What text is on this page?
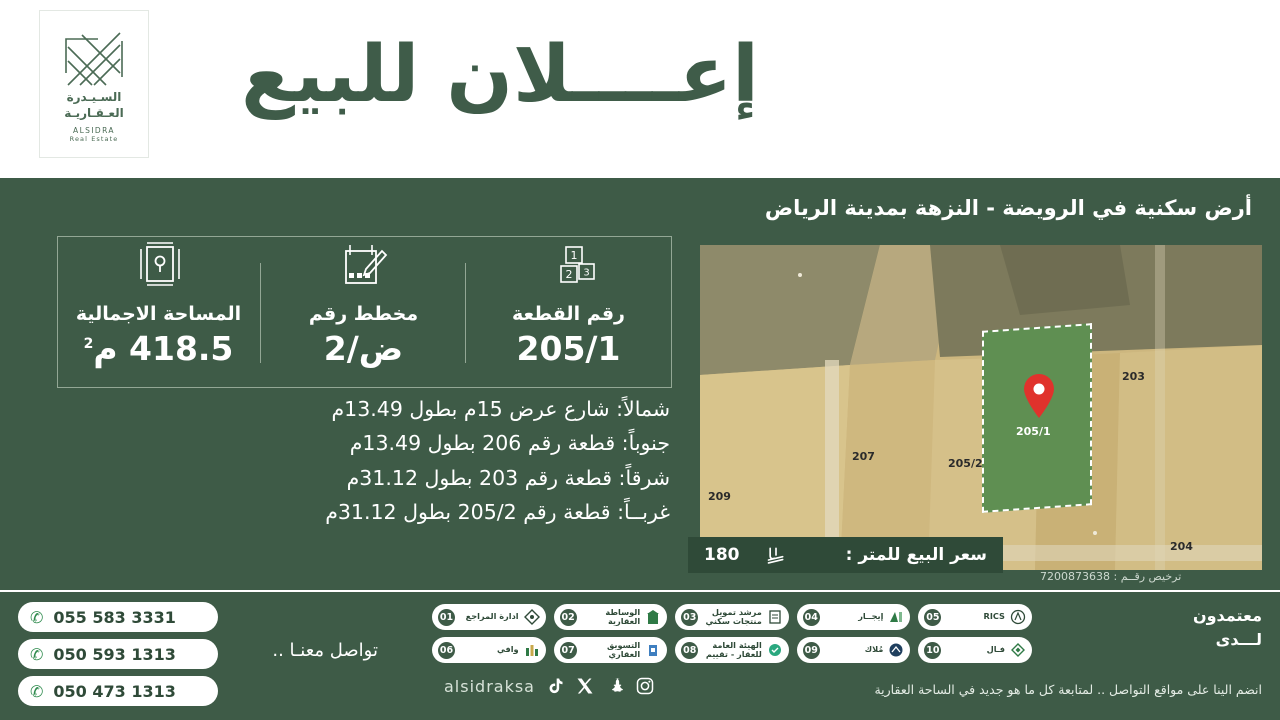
السـيـدرة
العـقـاريـة
ALSIDRA
Real Estate
إعــــلان للبيع
أرض سكنية في الرويضة - النزهة بمدينة الرياض
1
2 3
رقم القطعة
205/1
مخطط رقم
ض/2
المساحة الاجمالية
418.5 م$^2$
شمالاً: شارع عرض 15م بطول 13.49م
جنوباً: قطعة رقم 206 بطول 13.49م
شرقاً: قطعة رقم 203 بطول 31.12م
غربــاً: قطعة رقم 205/2 بطول 31.12م
205/1
203
207
209
205/2
204
سعر البيع للمتر :
180
ترخيص رقــم : 7200873638
✆ 055 583 3331
✆ 050 593 1313
✆ 050 473 1313
تواصل معنـا ..
01	ادارة المراجع	02	الوساطة العقارية	03	مرشد تمويل منتجات سكني	04	إيجــار	05	RICS
06	وافي	07	التسويق العقاري	08	الهيئة العامة للعقار - تقييم	09	مُلاك	10	فـال
معتمدون
لـــدى
انضم الينا على مواقع التواصل .. لمتابعة كل ما هو جديد في الساحة العقارية
alsidraksa
